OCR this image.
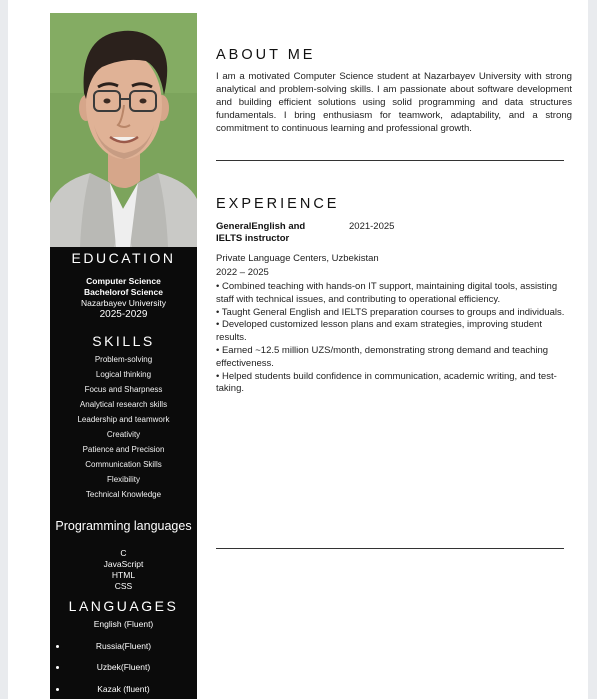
EDUCATION
Computer Science
Bachelorof Science
Nazarbayev University
2025-2029
SKILLS
Problem-solving
Logical thinking
Focus and Sharpness
Analytical research skills
Leadership and teamwork
Creativity
Patience and Precision
Communication Skills
Flexibility
Technical Knowledge
Programming languages
C
JavaScript
HTML
CSS
LANGUAGES
English (Fluent)
Russia(Fluent)
Uzbek(Fluent)
Kazak (fluent)
ABOUT ME
I am a motivated Computer Science student at Nazarbayev University with strong analytical and problem-solving skills. I am passionate about software development and building efficient solutions using solid programming and data structures fundamentals. I bring enthusiasm for teamwork, adaptability, and a strong commitment to continuous learning and professional growth.
EXPERIENCE
GeneralEnglish and IELTS instructor
2021-2025
Private Language Centers, Uzbekistan
2022 – 2025
• Combined teaching with hands-on IT support, maintaining digital tools, assisting staff with technical issues, and contributing to operational efficiency.
• Taught General English and IELTS preparation courses to groups and individuals.
• Developed customized lesson plans and exam strategies, improving student results.
• Earned ~12.5 million UZS/month, demonstrating strong demand and teaching effectiveness.
• Helped students build confidence in communication, academic writing, and test-taking.
